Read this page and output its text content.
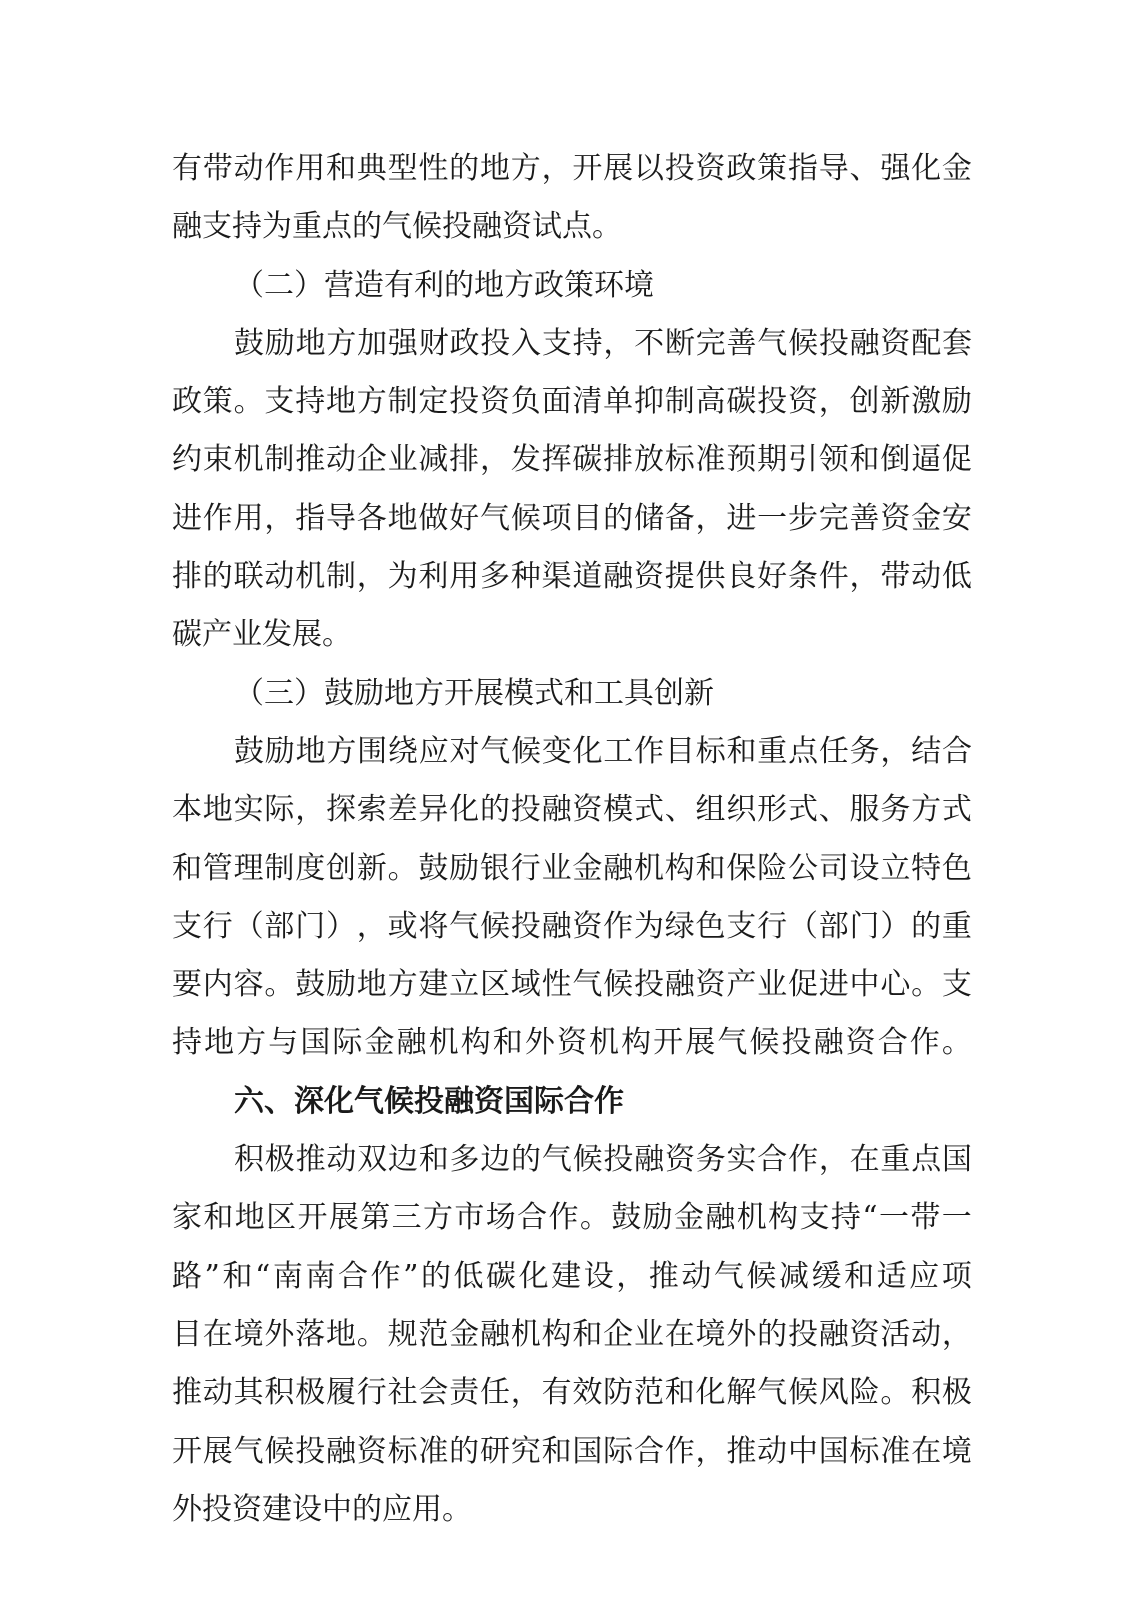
有 带 动 作 用 和 典 型 性 的 地 方 ， 开 展 以 投 资 政 策 指 导 、 强 化 金
融支持为重点的气候投融资试点。
（二）营造有利的地方政策环境
鼓 励 地 方 加 强 财 政 投 入 支 持 ， 不 断 完 善 气 候 投 融 资 配 套
政 策 。 支 持 地 方 制 定 投 资 负 面 清 单 抑 制 高 碳 投 资 ， 创 新 激 励
约 束 机 制 推 动 企 业 减 排 ， 发 挥 碳 排 放 标 准 预 期 引 领 和 倒 逼 促
进 作 用 ， 指 导 各 地 做 好 气 候 项 目 的 储 备 ， 进 一 步 完 善 资 金 安
排 的 联 动 机 制 ， 为 利 用 多 种 渠 道 融 资 提 供 良 好 条 件 ， 带 动 低
碳产业发展。
（三）鼓励地方开展模式和工具创新
鼓 励 地 方 围 绕 应 对 气 候 变 化 工 作 目 标 和 重 点 任 务 ， 结 合
本 地 实 际 ， 探 索 差 异 化 的 投 融 资 模 式 、 组 织 形 式 、 服 务 方 式
和 管 理 制 度 创 新 。 鼓 励 银 行 业 金 融 机 构 和 保 险 公 司 设 立 特 色
支 行 （ 部 门 ） ， 或 将 气 候 投 融 资 作 为 绿 色 支 行 （ 部 门 ） 的 重
要 内 容 。 鼓 励 地 方 建 立 区 域 性 气 候 投 融 资 产 业 促 进 中 心 。 支
持 地 方 与 国 际 金 融 机 构 和 外 资 机 构 开 展 气 候 投 融 资 合 作 。
六、深化气候投融资国际合作
积 极 推 动 双 边 和 多 边 的 气 候 投 融 资 务 实 合 作 ， 在 重 点 国
家 和 地 区 开 展 第 三 方 市 场 合 作 。 鼓 励 金 融 机 构 支 持 “ 一 带 一
路 ” 和 “ 南 南 合 作 ” 的 低 碳 化 建 设 ， 推 动 气 候 减 缓 和 适 应 项
目 在 境 外 落 地 。 规 范 金 融 机 构 和 企 业 在 境 外 的 投 融 资 活 动 ，
推 动 其 积 极 履 行 社 会 责 任 ， 有 效 防 范 和 化 解 气 候 风 险 。 积 极
开 展 气 候 投 融 资 标 准 的 研 究 和 国 际 合 作 ， 推 动 中 国 标 准 在 境
外投资建设中的应用。
